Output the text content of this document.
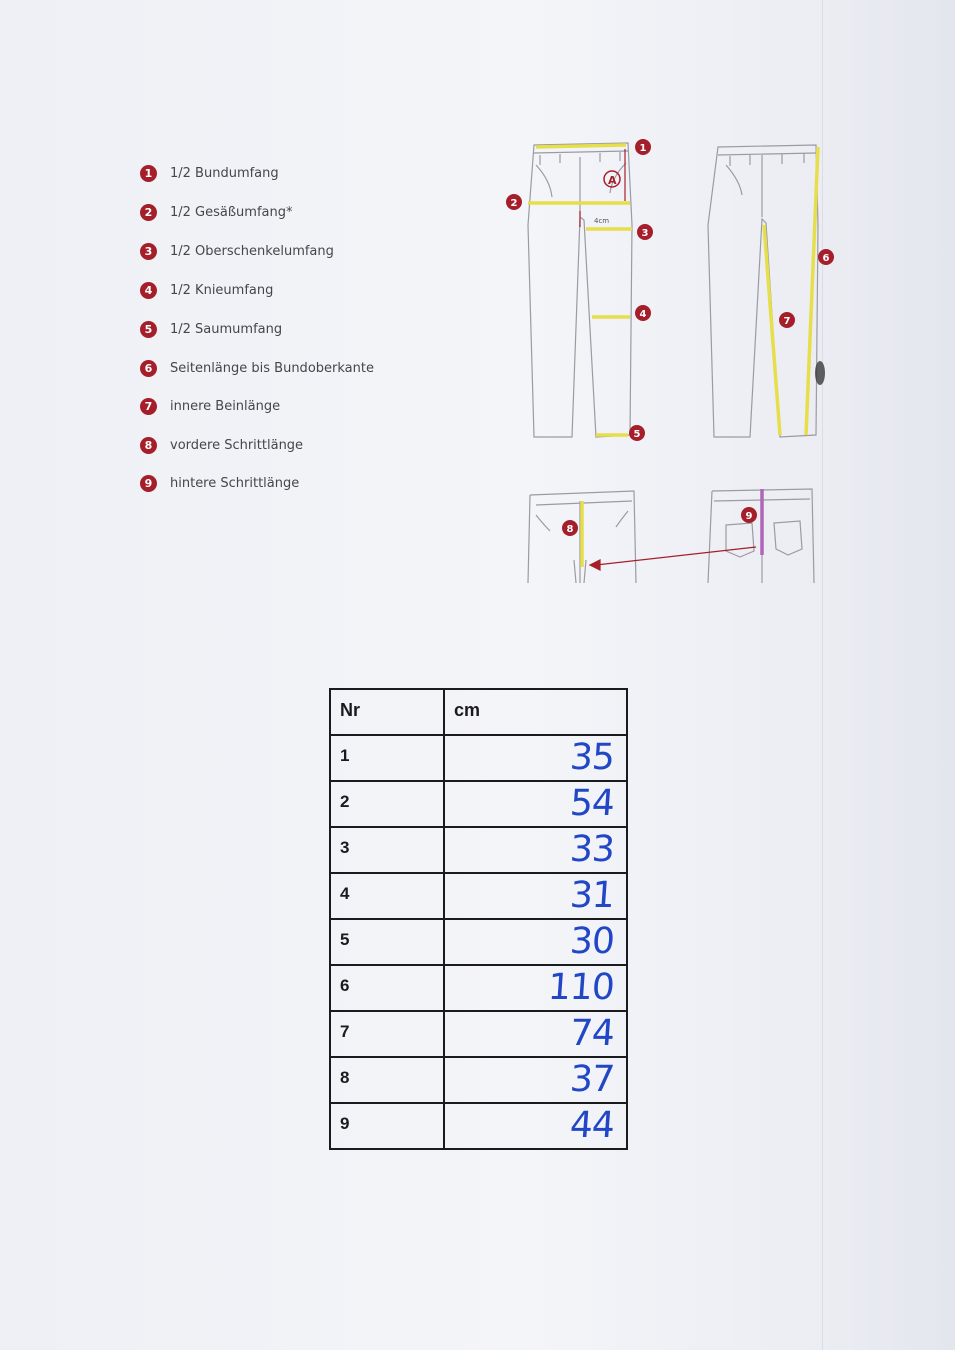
1	1/2 Bundumfang
2	1/2 Gesäßumfang*
3	1/2 Oberschenkelumfang
4	1/2 Knieumfang
5	1/2 Saumumfang
6	Seitenlänge bis Bundoberkante
7	innere Beinlänge
8	vordere Schrittlänge
9	hintere Schrittlänge
A
4cm
1
2
3
4
5
6
7
8
9
Nr	cm
1	35
2	54
3	33
4	31
5	30
6	110
7	74
8	37
9	44
